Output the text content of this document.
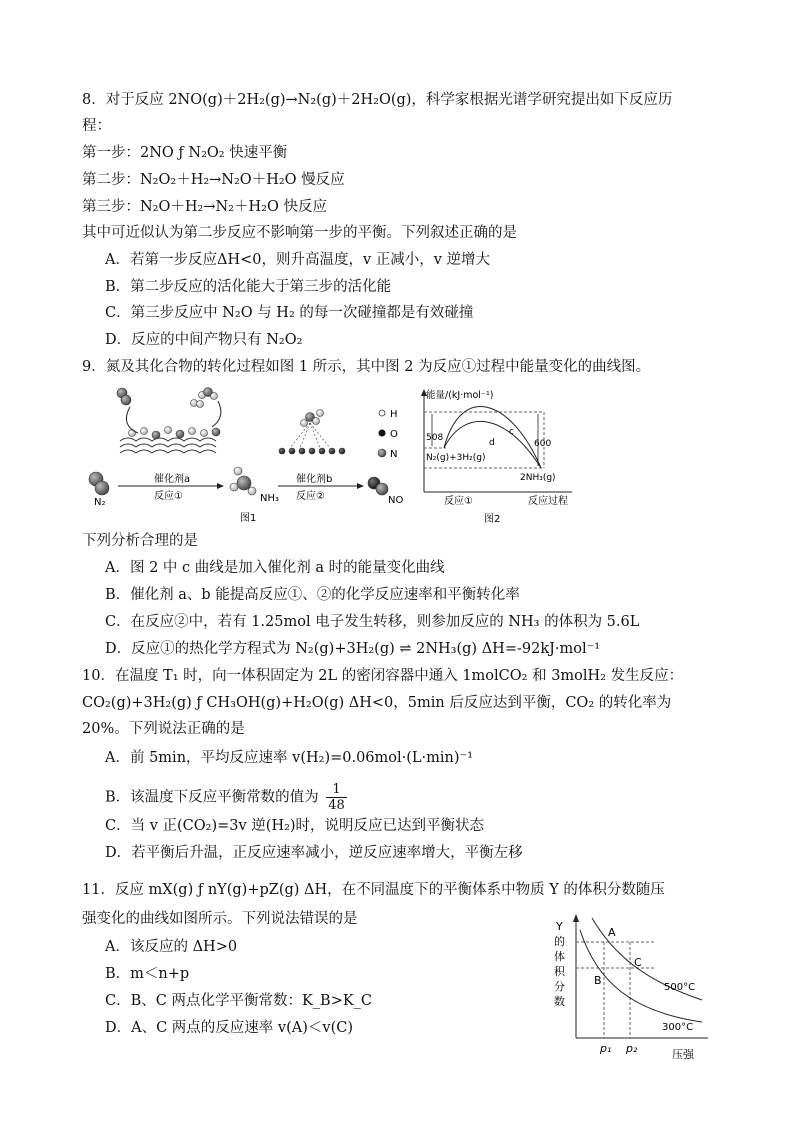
8．对于反应 2NO(g)＋2H₂(g)→N₂(g)＋2H₂O(g)，科学家根据光谱学研究提出如下反应历
程：
第一步：2NO ƒ N₂O₂ 快速平衡
第二步：N₂O₂＋H₂→N₂O＋H₂O 慢反应
第三步：N₂O＋H₂→N₂＋H₂O 快反应
其中可近似认为第二步反应不影响第一步的平衡。下列叙述正确的是
A．若第一步反应ΔH<0，则升高温度，v 正减小，v 逆增大
B．第二步反应的活化能大于第三步的活化能
C．第三步反应中 N₂O 与 H₂ 的每一次碰撞都是有效碰撞
D．反应的中间产物只有 N₂O₂
9．氮及其化合物的转化过程如图 1 所示，其中图 2 为反应①过程中能量变化的曲线图。
N₂
催化剂a
反应①	NH₃
催化剂b
反应②
H
O
N
NO
图1
能量/(kJ·mol⁻¹)
508
600
c
d
N₂(g)+3H₂(g)
2NH₃(g)
反应①	反应过程
图2
下列分析合理的是
A．图 2 中 c 曲线是加入催化剂 a 时的能量变化曲线
B．催化剂 a、b 能提高反应①、②的化学反应速率和平衡转化率
C．在反应②中，若有 1.25mol 电子发生转移，则参加反应的 NH₃ 的体积为 5.6L
D．反应①的热化学方程式为 N₂(g)+3H₂(g) ⇌ 2NH₃(g) ΔH=-92kJ·mol⁻¹
10．在温度 T₁ 时，向一体积固定为 2L 的密闭容器中通入 1molCO₂ 和 3molH₂ 发生反应：
CO₂(g)+3H₂(g) ƒ CH₃OH(g)+H₂O(g) ΔH<0，5min 后反应达到平衡，CO₂ 的转化率为
20%。下列说法正确的是
A．前 5min，平均反应速率 v(H₂)=0.06mol·(L·min)⁻¹
B．该温度下反应平衡常数的值为 $\frac{1}{48}$
C．当 v 正(CO₂)=3v 逆(H₂)时，说明反应已达到平衡状态
D．若平衡后升温，正反应速率减小，逆反应速率增大，平衡左移
11．反应 mX(g) ƒ nY(g)+pZ(g) ΔH，在不同温度下的平衡体系中物质 Y 的体积分数随压
强变化的曲线如图所示。下列说法错误的是
A．该反应的 ΔH>0
B．m＜n+p
C．B、C 两点化学平衡常数：K_B>K_C
D．A、C 两点的反应速率 v(A)＜v(C)
Y
的
体
积
分
数
A
B
C
500°C
300°C
p₁ p₂	压强
